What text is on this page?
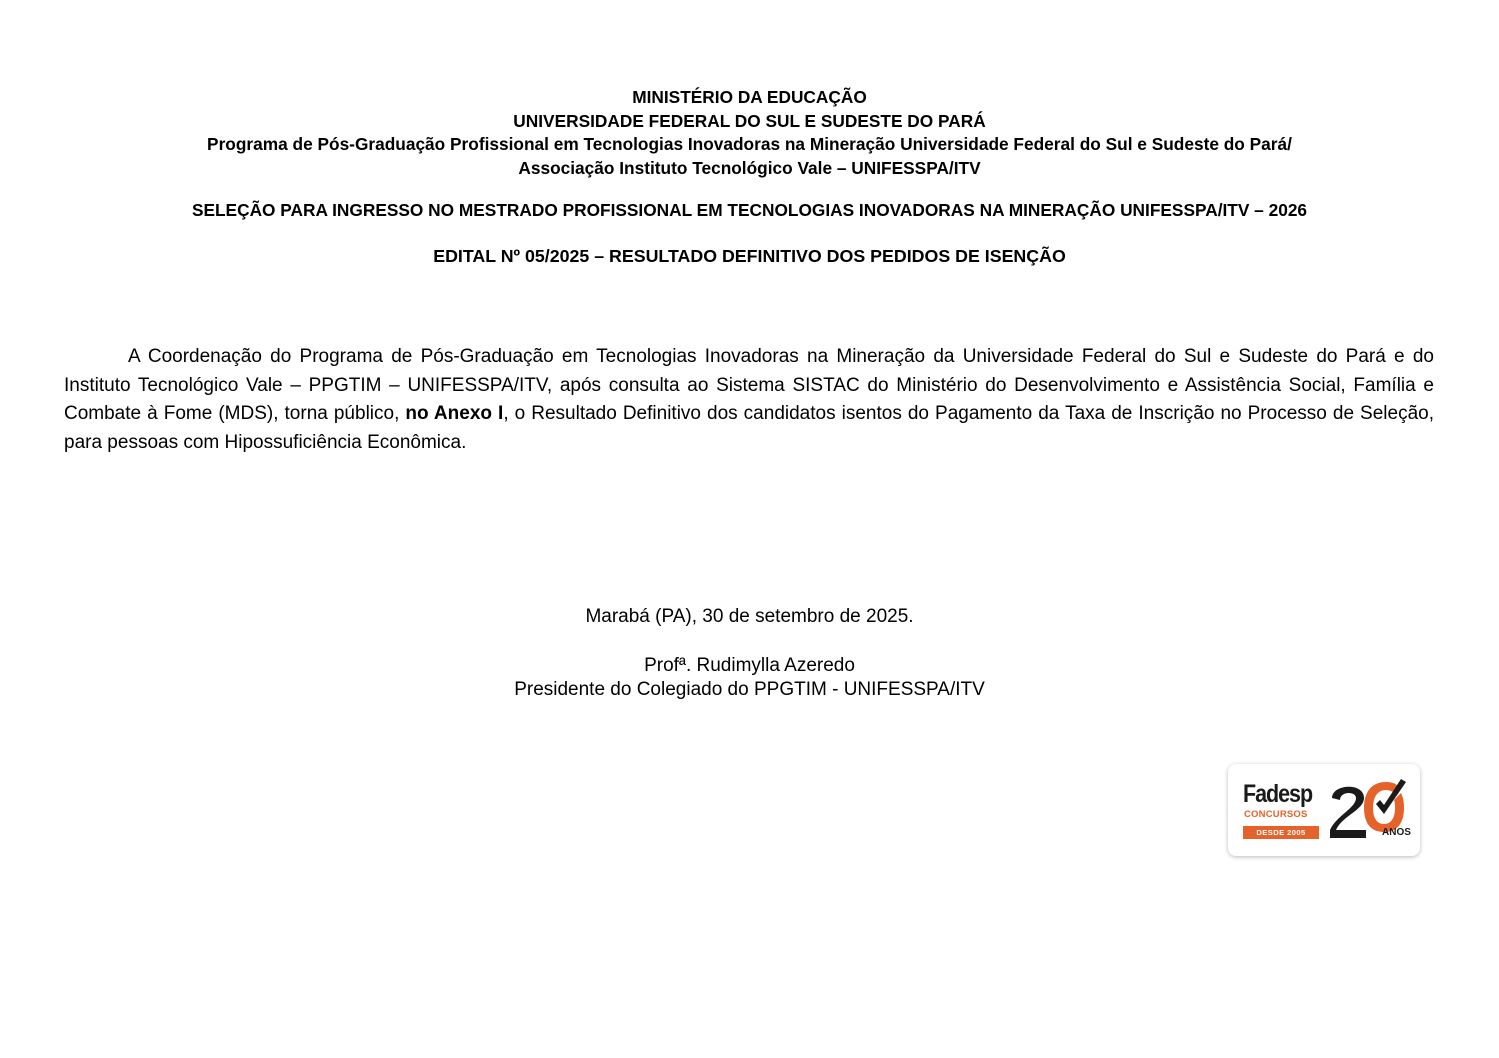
MINISTÉRIO DA EDUCAÇÃO
UNIVERSIDADE FEDERAL DO SUL E SUDESTE DO PARÁ
Programa de Pós-Graduação Profissional em Tecnologias Inovadoras na Mineração Universidade Federal do Sul e Sudeste do Pará/
Associação Instituto Tecnológico Vale – UNIFESSPA/ITV
SELEÇÃO PARA INGRESSO NO MESTRADO PROFISSIONAL EM TECNOLOGIAS INOVADORAS NA MINERAÇÃO UNIFESSPA/ITV – 2026
EDITAL Nº 05/2025 – RESULTADO DEFINITIVO DOS PEDIDOS DE ISENÇÃO
A Coordenação do Programa de Pós-Graduação em Tecnologias Inovadoras na Mineração da Universidade Federal do Sul e Sudeste do Pará e do Instituto Tecnológico Vale – PPGTIM – UNIFESSPA/ITV, após consulta ao Sistema SISTAC do Ministério do Desenvolvimento e Assistência Social, Família e Combate à Fome (MDS), torna público, no Anexo I, o Resultado Definitivo dos candidatos isentos do Pagamento da Taxa de Inscrição no Processo de Seleção, para pessoas com Hipossuficiência Econômica.
Marabá (PA), 30 de setembro de 2025.
Profª. Rudimylla Azeredo
Presidente do Colegiado do PPGTIM - UNIFESSPA/ITV
Fadesp
CONCURSOS
DESDE 2005	ANOS
